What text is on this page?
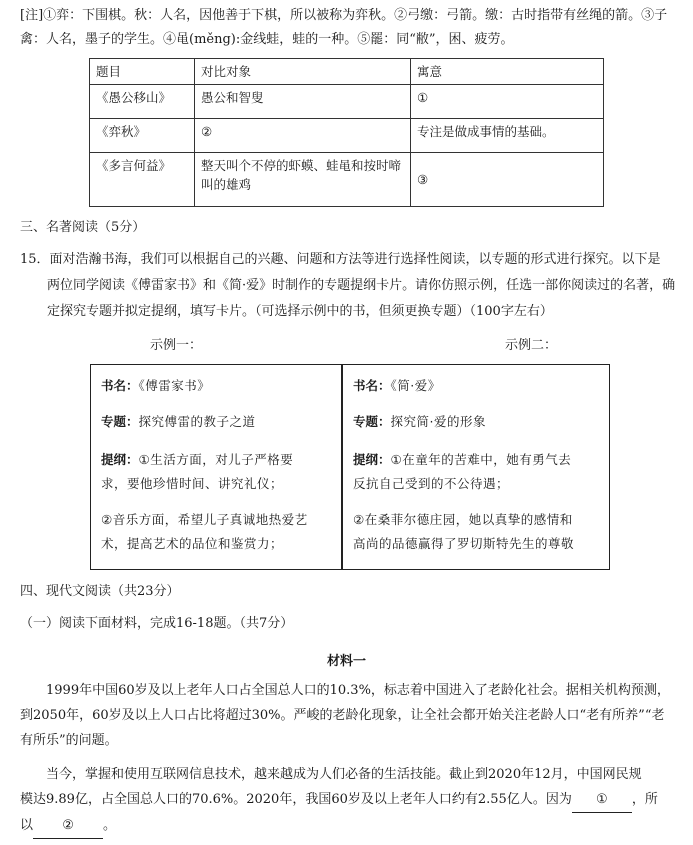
[注]①弈：下围棋。秋：人名，因他善于下棋，所以被称为弈秋。②弓缴：弓箭。缴：古时指带有丝绳的箭。③子
禽：人名，墨子的学生。④黾(měng):金线蛙，蛙的一种。⑤罷：同“敝”，困、疲劳。
题目	对比对象	寓意
《愚公移山》	愚公和智叟	①
《弈秋》	②	专注是做成事情的基础。
《多言何益》	整天叫个不停的虾蟆、蛙黾和按时啼叫的雄鸡	③
三、名著阅读（5分）
15．面对浩瀚书海，我们可以根据自己的兴趣、问题和方法等进行选择性阅读，以专题的形式进行探究。以下是
两位同学阅读《傅雷家书》和《简·爱》时制作的专题提纲卡片。请你仿照示例，任选一部你阅读过的名著，确
定探究专题并拟定提纲，填写卡片。（可选择示例中的书，但须更换专题）（100字左右）
示例一：	示例二：
书名：《傅雷家书》
专题：探究傅雷的教子之道
提纲：①生活方面，对儿子严格要
求，要他珍惜时间、讲究礼仪；
②音乐方面，希望儿子真诚地热爱艺
术，提高艺术的品位和鉴赏力；
书名：《简·爱》
专题：探究简·爱的形象
提纲：①在童年的苦难中，她有勇气去
反抗自己受到的不公待遇；
②在桑菲尔德庄园，她以真挚的感情和
高尚的品德赢得了罗切斯特先生的尊敬
四、现代文阅读（共23分）
（一）阅读下面材料，完成16-18题。（共7分）
材料一
1999年中国60岁及以上老年人口占全国总人口的10.3%，标志着中国进入了老龄化社会。据相关机构预测，
到2050年，60岁及以上人口占比将超过30%。严峻的老龄化现象，让全社会都开始关注老龄人口“老有所养”“老
有所乐”的问题。
当今，掌握和使用互联网信息技术，越来越成为人们必备的生活技能。截止到2020年12月，中国网民规
模达9.89亿，占全国总人口的70.6%。2020年，我国60岁及以上老年人口约有2.55亿人。因为 ① ，所
以 ② 。
